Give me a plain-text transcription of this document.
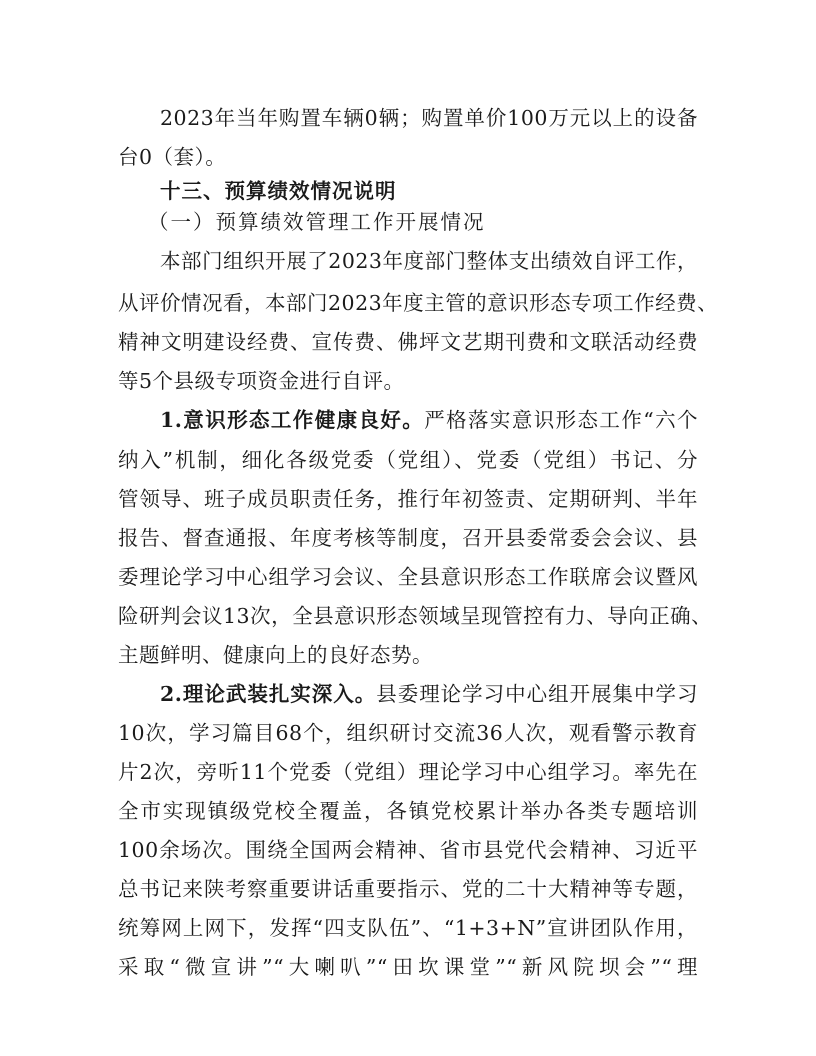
2023年当年购置车辆0辆；购置单价100万元以上的设备
台0（套）。
十三、预算绩效情况说明
（一）预算绩效管理工作开展情况
本部门组织开展了2023年度部门整体支出绩效自评工作，
从评价情况看，本部门2023年度主管的意识形态专项工作经费、
精神文明建设经费、宣传费、佛坪文艺期刊费和文联活动经费
等5个县级专项资金进行自评。
1.意识形态工作健康良好。严格落实意识形态工作“六个
纳入”机制，细化各级党委（党组）、党委（党组）书记、分
管领导、班子成员职责任务，推行年初签责、定期研判、半年
报告、督查通报、年度考核等制度，召开县委常委会会议、县
委理论学习中心组学习会议、全县意识形态工作联席会议暨风
险研判会议13次，全县意识形态领域呈现管控有力、导向正确、
主题鲜明、健康向上的良好态势。
2.理论武装扎实深入。县委理论学习中心组开展集中学习
10次，学习篇目68个，组织研讨交流36人次，观看警示教育
片2次，旁听11个党委（党组）理论学习中心组学习。率先在
全市实现镇级党校全覆盖，各镇党校累计举办各类专题培训
100余场次。围绕全国两会精神、省市县党代会精神、习近平
总书记来陕考察重要讲话重要指示、党的二十大精神等专题，
统筹网上网下，发挥“四支队伍”、“1+3+N”宣讲团队作用，
采取“微宣讲”“大喇叭”“田坎课堂”“新风院坝会”“理
